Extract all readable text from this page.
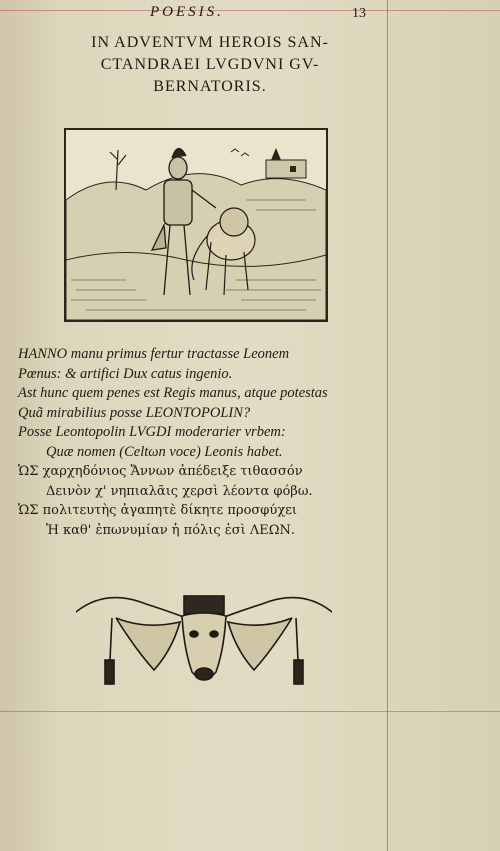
POESIS.	13
IN ADVENTVM HEROIS SAN-
CTANDRAEI LVGDVNI GV-
BERNATORIS.
HANNO manu primus fertur tractasse Leonem
Pœnus: & artifici Dux catus ingenio.
Ast hunc quem penes est Regis manus, atque potestas
Quã mirabilius posse LEONTOPOLIN?
Posse Leontopolin LVGDI moderarier vrbem:
Quæ nomen (Celtωn voce) Leonis habet.
ὩΣ χαρχηδόνιος Ἄννων ἀπέδειξε τιθασσόν
Δεινὸν χ' νηπιαλᾶις χερσὶ λέοντα φόβω.
ὩΣ πολιτευτὴς ἀγαπητὲ δίκητε προσφύχει
Ἡ καθ' ἐπωνυμίαν ἡ πόλις ἐσὶ ΛΕΩΝ.
